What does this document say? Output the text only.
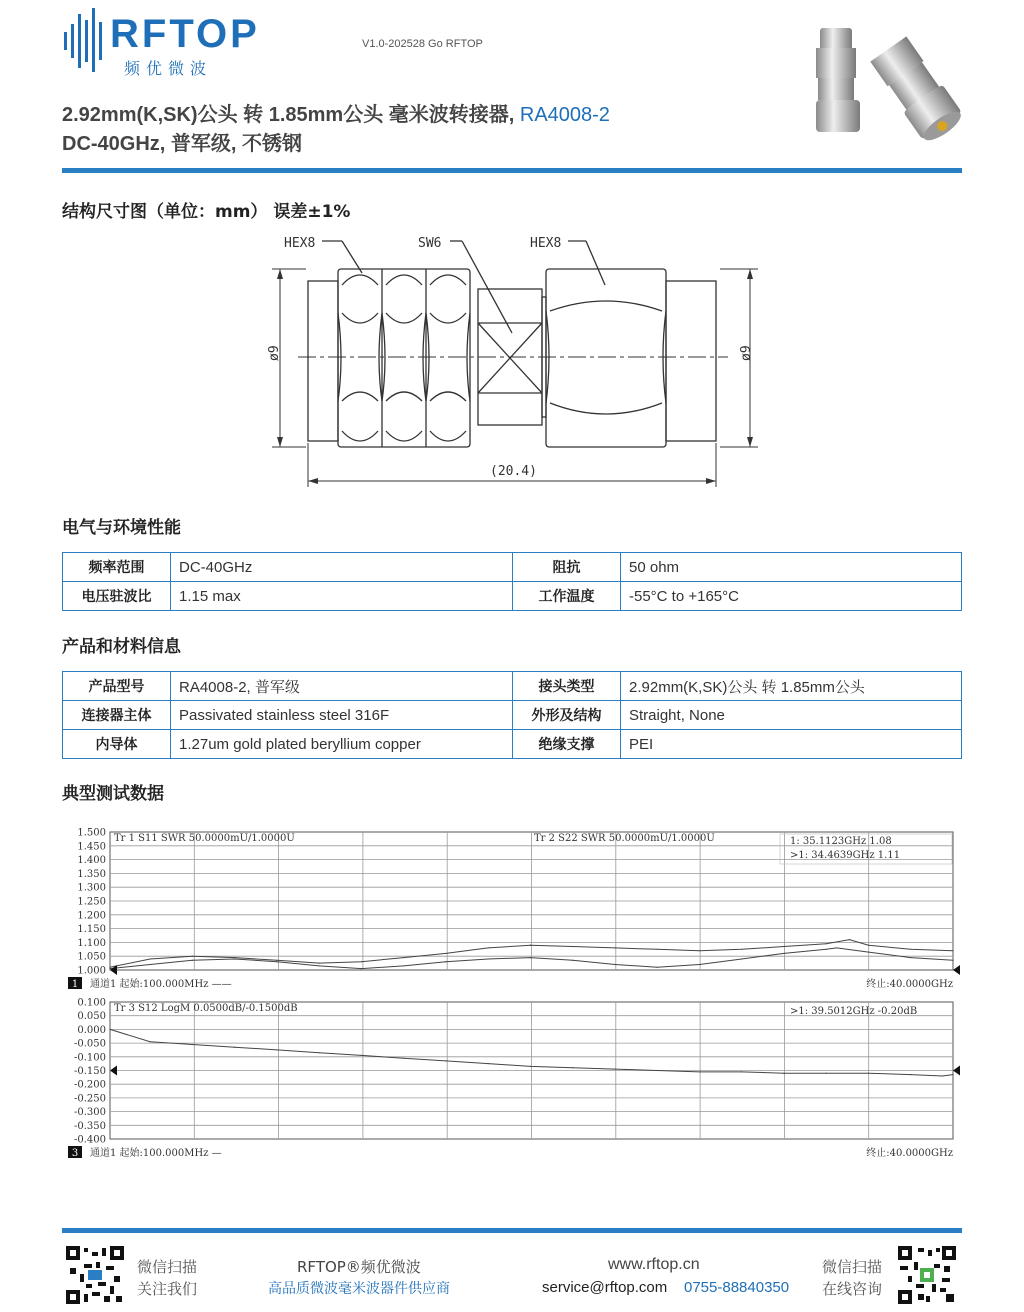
RFTOP
频优微波
V1.0-202528 Go RFTOP
2.92mm(K,SK)公头 转 1.85mm公头 毫米波转接器, RA4008-2
DC-40GHz, 普军级, 不锈钢
结构尺寸图（单位：mm） 误差±1%
HEX8	SW6	HEX8
ø9	ø9
(20.4)
电气与环境性能
频率范围	DC-40GHz	阻抗	50 ohm
电压驻波比	1.15 max	工作温度	-55°C to +165°C
产品和材料信息
产品型号	RA4008-2, 普军级	接头类型	2.92mm(K,SK)公头 转 1.85mm公头
连接器主体	Passivated stainless steel 316F	外形及结构	Straight, None
内导体	1.27um gold plated beryllium copper	绝缘支撑	PEI
典型测试数据
1.500
1.450
1.400
1.350
1.300
1.250
1.200
1.150
1.100
1.050
1.000
Tr 1 S11 SWR 50.0000mU/1.0000U	Tr 2 S22 SWR 50.0000mU/1.0000U	1: 35.1123GHz 1.08
>1: 34.4639GHz 1.11
1 通道1 起始:100.000MHz ——	终止:40.0000GHz
0.100
0.050
0.000
-0.050
-0.100
-0.150
-0.200
-0.250
-0.300
-0.350
-0.400
Tr 3 S12 LogM 0.0500dB/-0.1500dB	>1: 39.5012GHz -0.20dB
3 通道1 起始:100.000MHz —	终止:40.0000GHz
微信扫描
关注我们
RFTOP®频优微波
高品质微波毫米波器件供应商
www.rftop.cn
service@rftop.com 0755-88840350
微信扫描
在线咨询
